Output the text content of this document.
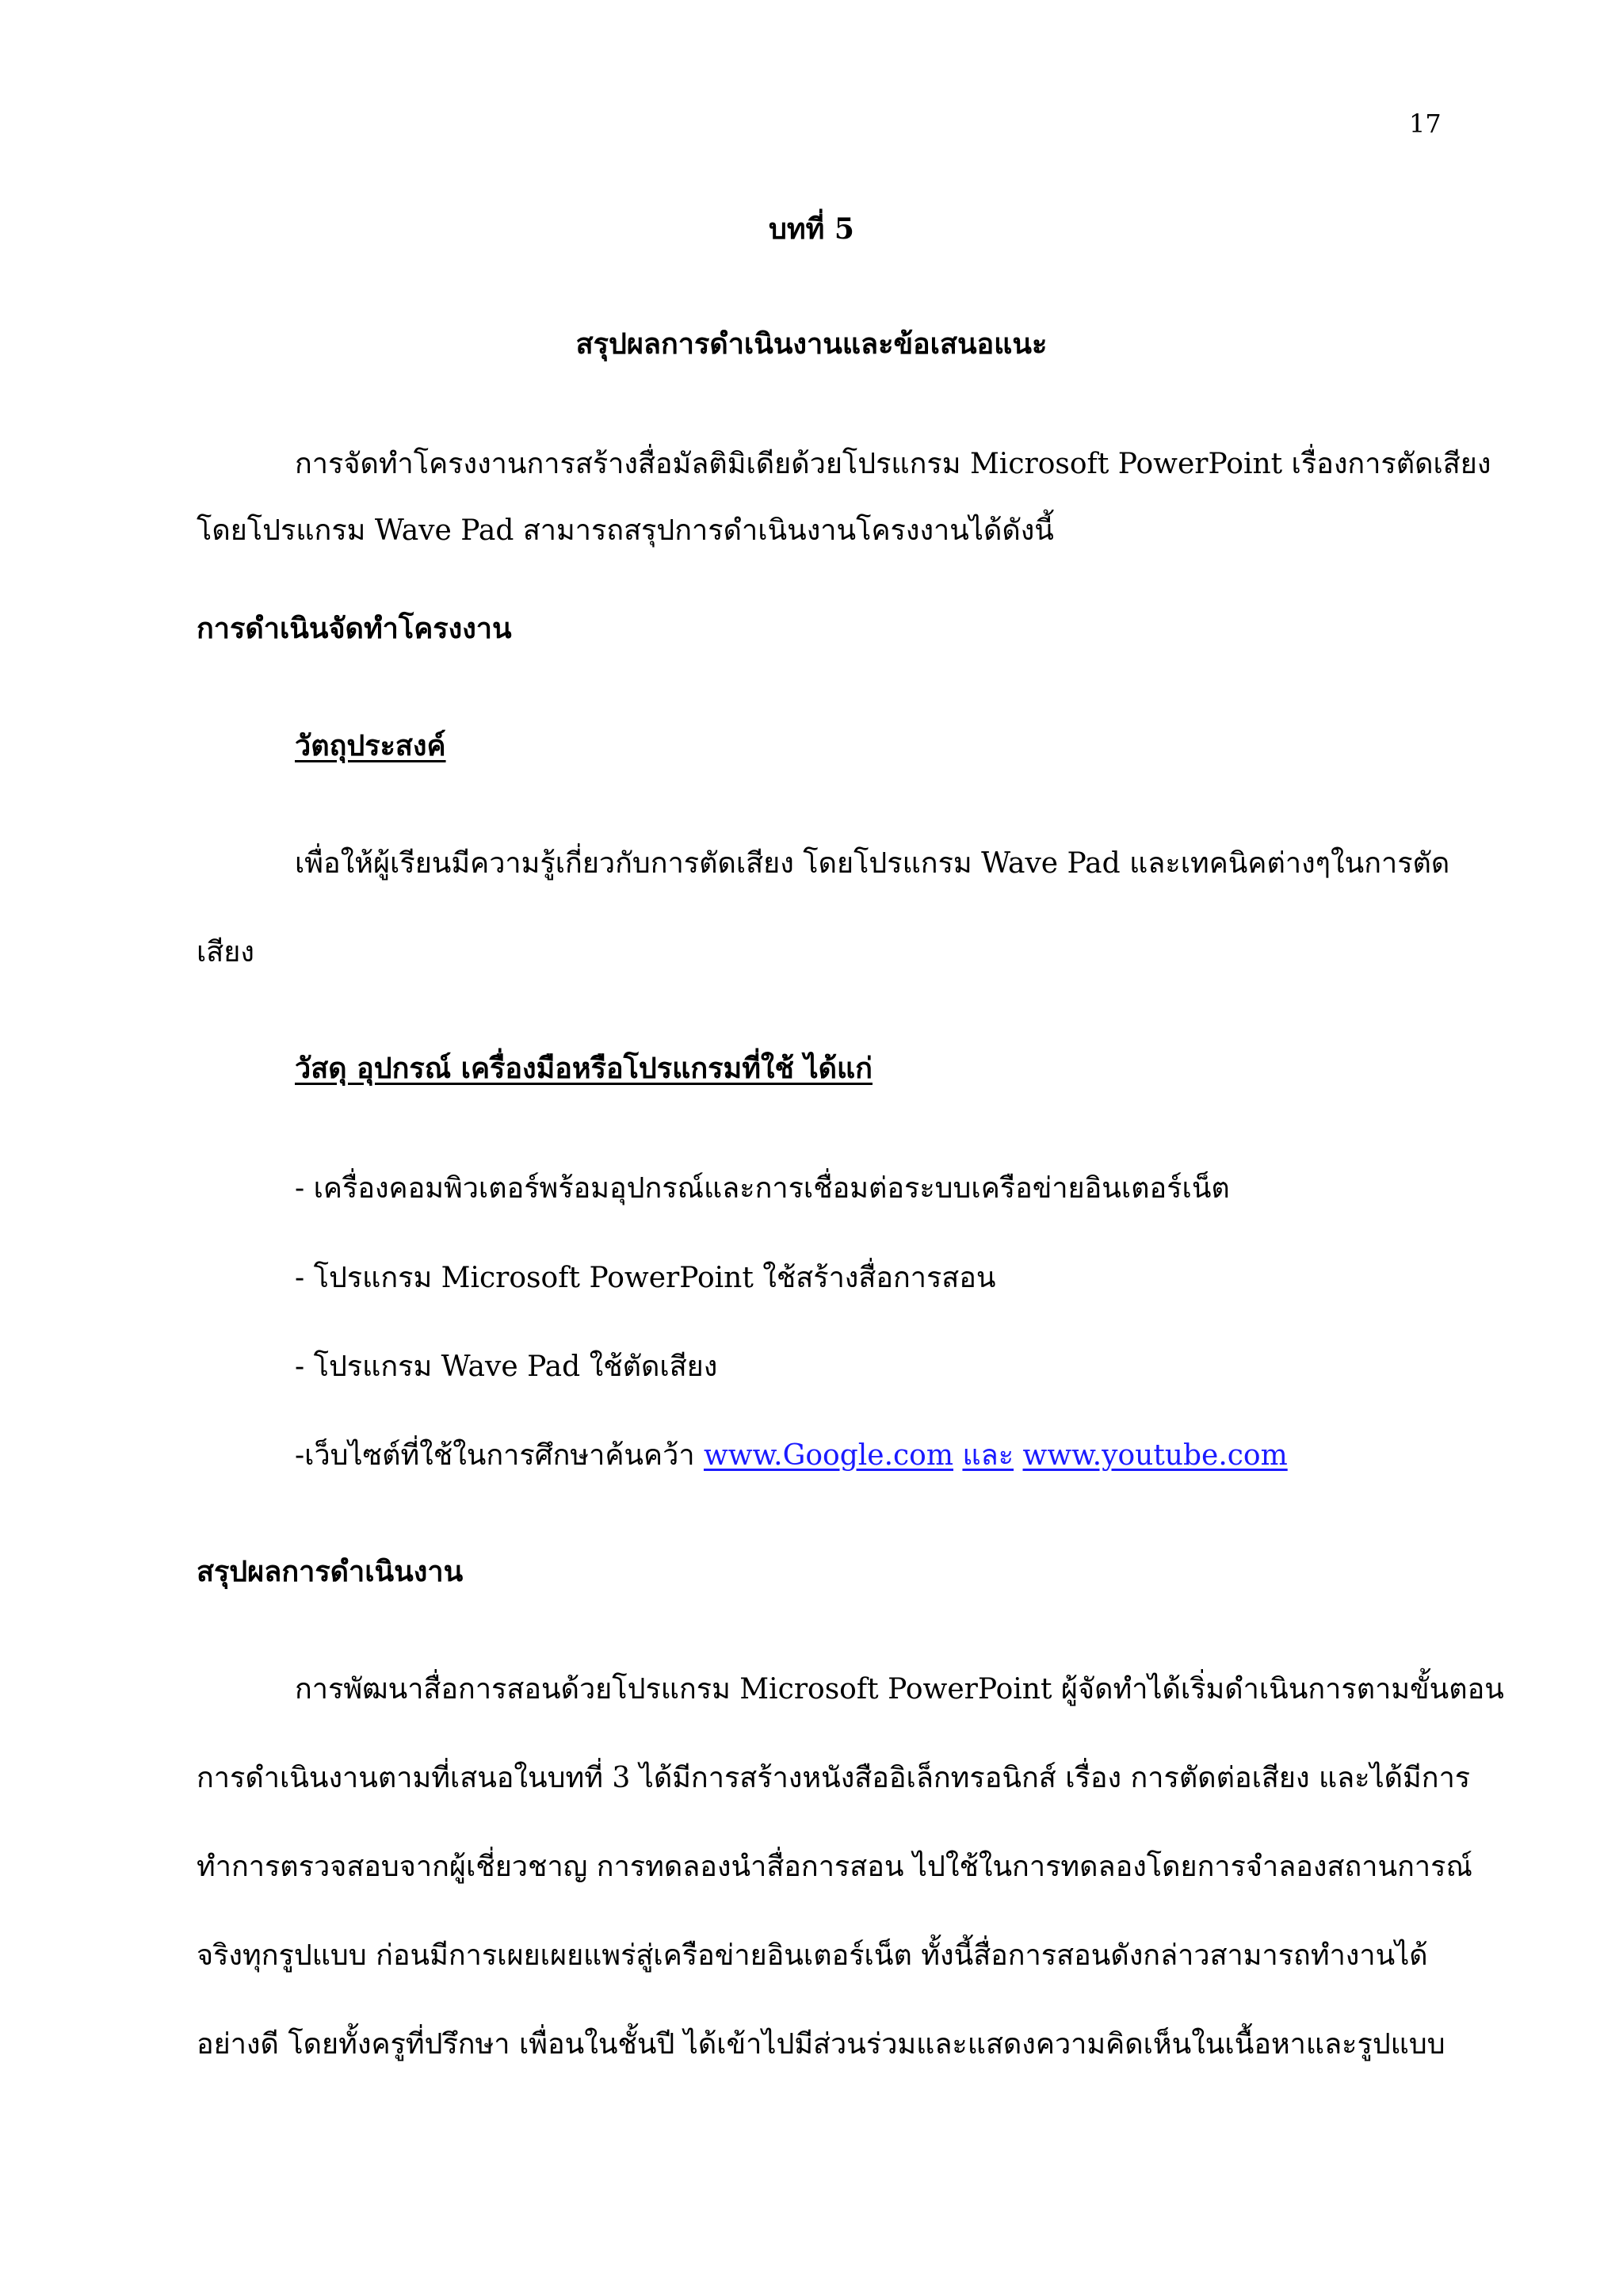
17
บทที่ 5
สรุปผลการดำเนินงานและข้อเสนอแนะ
การจัดทำโครงงานการสร้างสื่อมัลติมิเดียด้วยโปรแกรม Microsoft PowerPoint เรื่องการตัดเสียง
โดยโปรแกรม Wave Pad สามารถสรุปการดำเนินงานโครงงานได้ดังนี้
การดำเนินจัดทำโครงงาน
วัตถุประสงค์
เพื่อให้ผู้เรียนมีความรู้เกี่ยวกับการตัดเสียง โดยโปรแกรม Wave Pad และเทคนิคต่างๆในการตัด
เสียง
วัสดุ อุปกรณ์ เครื่องมือหรือโปรแกรมที่ใช้ ได้แก่
- เครื่องคอมพิวเตอร์พร้อมอุปกรณ์และการเชื่อมต่อระบบเครือข่ายอินเตอร์เน็ต
- โปรแกรม Microsoft PowerPoint ใช้สร้างสื่อการสอน
- โปรแกรม Wave Pad ใช้ตัดเสียง
-เว็บไซต์ที่ใช้ในการศึกษาค้นคว้า www.Google.com และ www.youtube.com
สรุปผลการดำเนินงาน
การพัฒนาสื่อการสอนด้วยโปรแกรม Microsoft PowerPoint ผู้จัดทำได้เริ่มดำเนินการตามขั้นตอน
การดำเนินงานตามที่เสนอในบทที่ 3 ได้มีการสร้างหนังสืออิเล็กทรอนิกส์ เรื่อง การตัดต่อเสียง และได้มีการ
ทำการตรวจสอบจากผู้เชี่ยวชาญ การทดลองนำสื่อการสอน ไปใช้ในการทดลองโดยการจำลองสถานการณ์
จริงทุกรูปแบบ ก่อนมีการเผยเผยแพร่สู่เครือข่ายอินเตอร์เน็ต ทั้งนี้สื่อการสอนดังกล่าวสามารถทำงานได้
อย่างดี โดยทั้งครูที่ปรึกษา เพื่อนในชั้นปี ได้เข้าไปมีส่วนร่วมและแสดงความคิดเห็นในเนื้อหาและรูปแบบ
